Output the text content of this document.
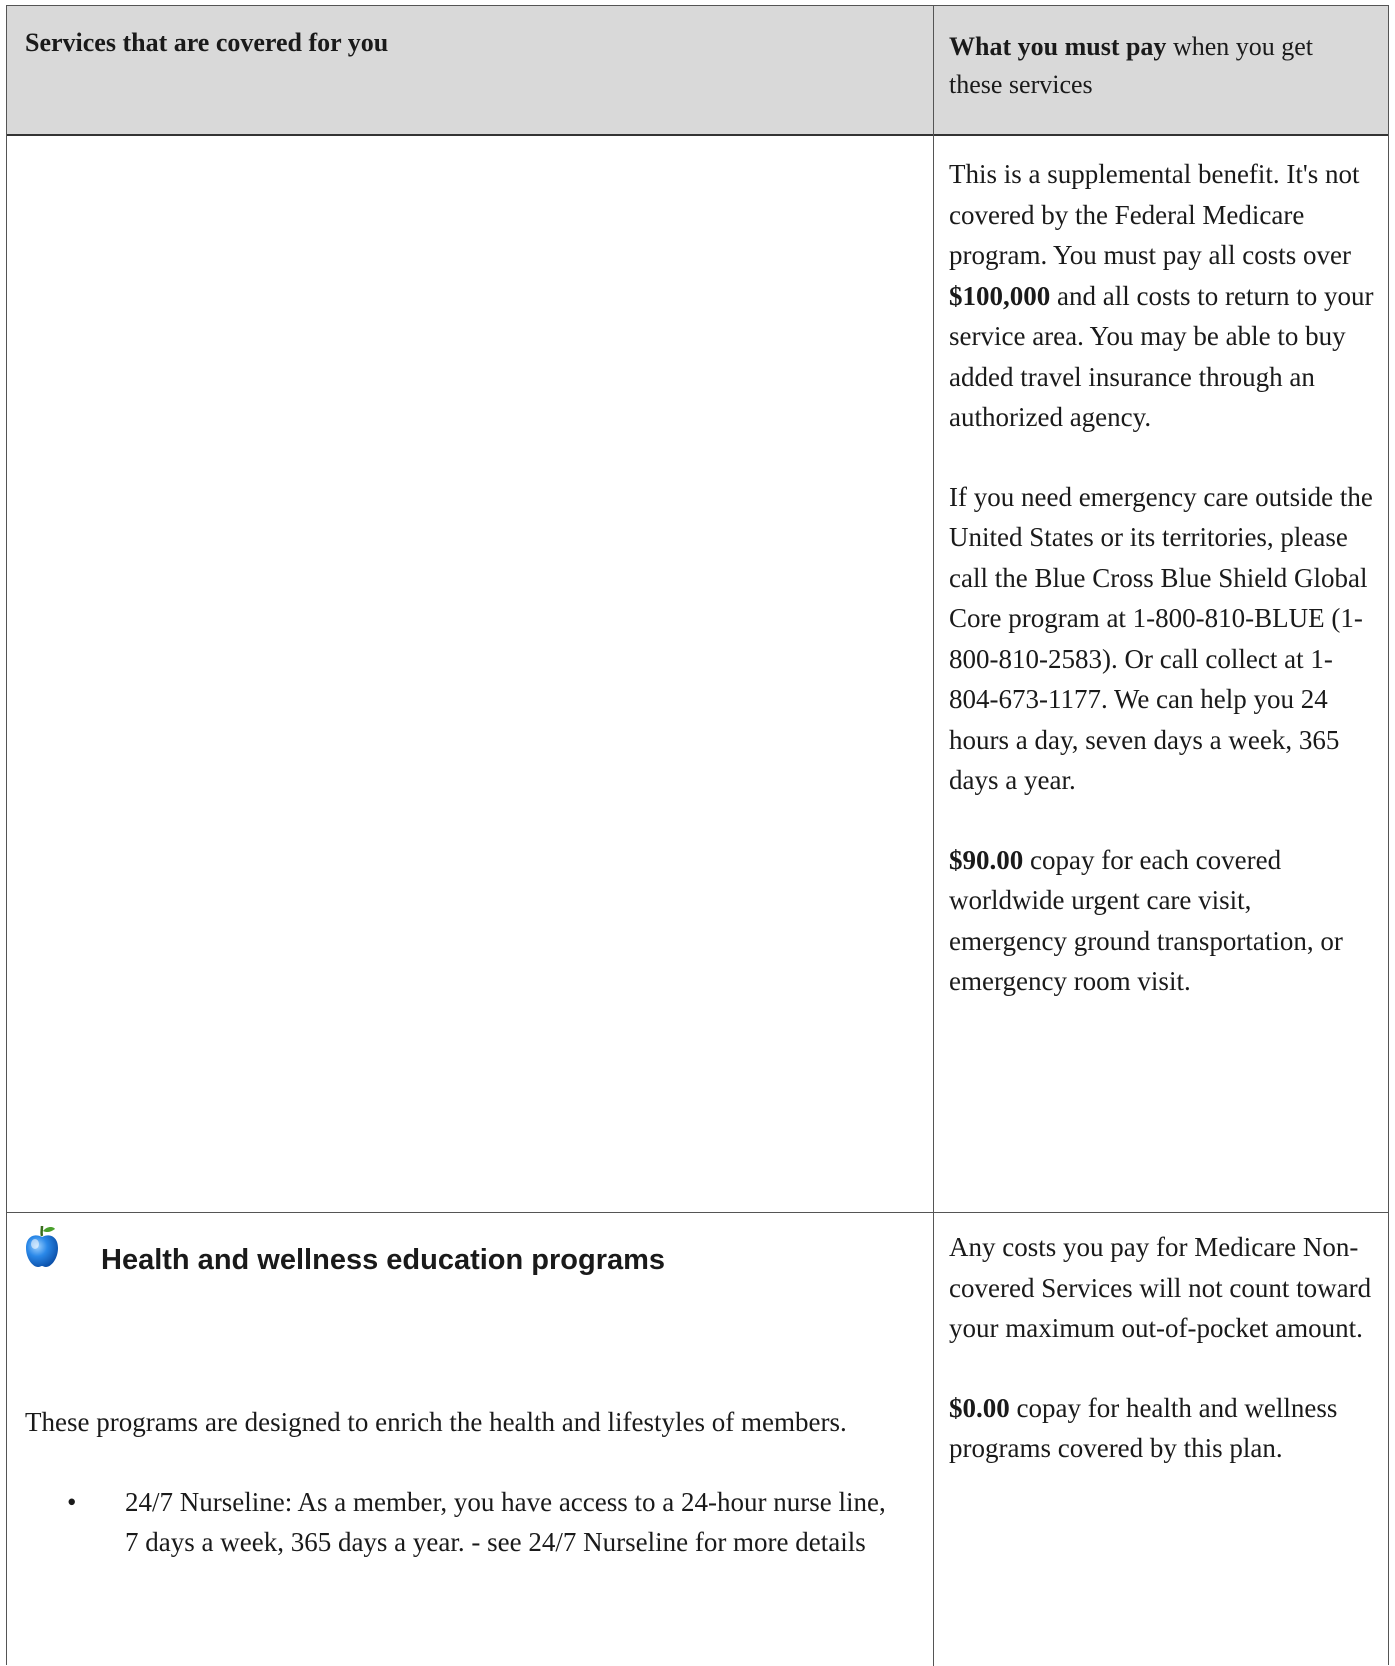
Services that are covered for you	What you must pay when you get these services

This is a supplemental benefit. It's not covered by the Federal Medicare program. You must pay all costs over $100,000 and all costs to return to your service area. You may be able to buy added travel insurance through an authorized agency.

If you need emergency care outside the United States or its territories, please call the Blue Cross Blue Shield Global Core program at 1-800-810-BLUE (1-800-810-2583). Or call collect at 1-804-673-1177. We can help you 24 hours a day, seven days a week, 365 days a year.

$90.00 copay for each covered worldwide urgent care visit, emergency ground transportation, or emergency room visit.

Health and wellness education programs
These programs are designed to enrich the health and lifestyles of members.
•	24/7 Nurseline: As a member, you have access to a 24-hour nurse line, 7 days a week, 365 days a year. - see 24/7 Nurseline for more details

Any costs you pay for Medicare Non-covered Services will not count toward your maximum out-of-pocket amount.

$0.00 copay for health and wellness programs covered by this plan.
